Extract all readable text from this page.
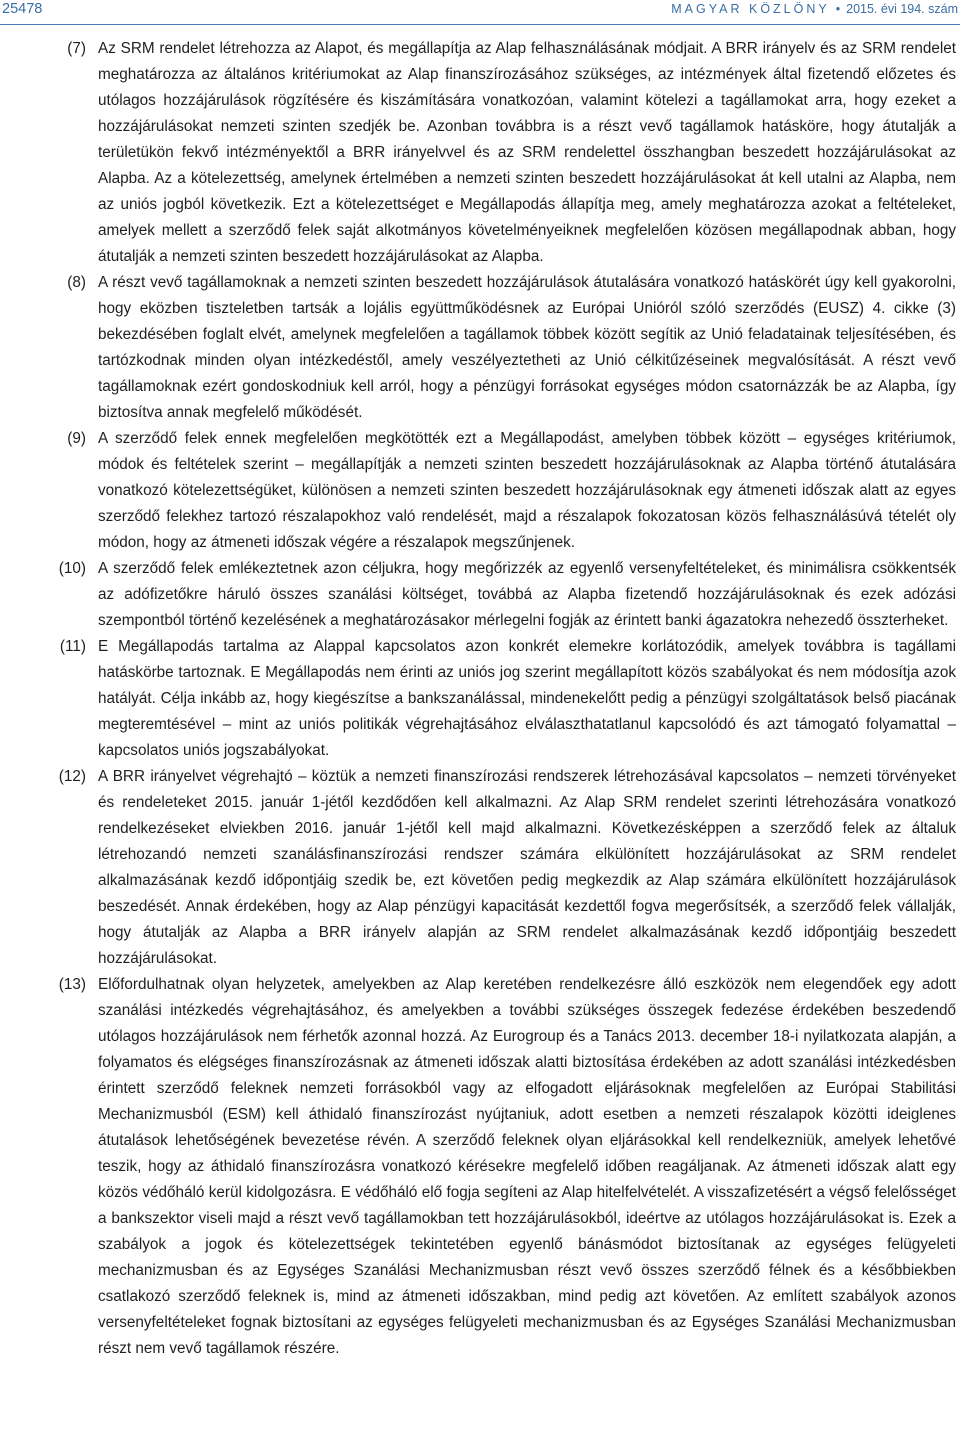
25478	MAGYAR KÖZLÖNY • 2015. évi 194. szám

(7) Az SRM rendelet létrehozza az Alapot, és megállapítja az Alap felhasználásának módjait. A BRR irányelv és az SRM rendelet meghatározza az általános kritériumokat az Alap finanszírozásához szükséges, az intézmények által fizetendő előzetes és utólagos hozzájárulások rögzítésére és kiszámítására vonatkozóan, valamint kötelezi a tagállamokat arra, hogy ezeket a hozzájárulásokat nemzeti szinten szedjék be. Azonban továbbra is a részt vevő tagállamok hatásköre, hogy átutalják a területükön fekvő intézményektől a BRR irányelvvel és az SRM rendelettel összhangban beszedett hozzájárulásokat az Alapba. Az a kötelezettség, amelynek értelmében a nemzeti szinten beszedett hozzájárulásokat át kell utalni az Alapba, nem az uniós jogból következik. Ezt a kötelezettséget e Megállapodás állapítja meg, amely meghatározza azokat a feltételeket, amelyek mellett a szerződő felek saját alkotmányos követelményeiknek megfelelően közösen megállapodnak abban, hogy átutalják a nemzeti szinten beszedett hozzájárulásokat az Alapba.

(8) A részt vevő tagállamoknak a nemzeti szinten beszedett hozzájárulások átutalására vonatkozó hatáskörét úgy kell gyakorolni, hogy eközben tiszteletben tartsák a lojális együttműködésnek az Európai Unióról szóló szerződés (EUSZ) 4. cikke (3) bekezdésében foglalt elvét, amelynek megfelelően a tagállamok többek között segítik az Unió feladatainak teljesítésében, és tartózkodnak minden olyan intézkedéstől, amely veszélyeztetheti az Unió célkitűzéseinek megvalósítását. A részt vevő tagállamoknak ezért gondoskodniuk kell arról, hogy a pénzügyi forrásokat egységes módon csatornázzák be az Alapba, így biztosítva annak megfelelő működését.

(9) A szerződő felek ennek megfelelően megkötötték ezt a Megállapodást, amelyben többek között – egységes kritériumok, módok és feltételek szerint – megállapítják a nemzeti szinten beszedett hozzájárulásoknak az Alapba történő átutalására vonatkozó kötelezettségüket, különösen a nemzeti szinten beszedett hozzájárulásoknak egy átmeneti időszak alatt az egyes szerződő felekhez tartozó részalapokhoz való rendelését, majd a részalapok fokozatosan közös felhasználásúvá tételét oly módon, hogy az átmeneti időszak végére a részalapok megszűnjenek.

(10) A szerződő felek emlékeztetnek azon céljukra, hogy megőrizzék az egyenlő versenyfeltételeket, és minimálisra csökkentsék az adófizetőkre háruló összes szanálási költséget, továbbá az Alapba fizetendő hozzájárulásoknak és ezek adózási szempontból történő kezelésének a meghatározásakor mérlegelni fogják az érintett banki ágazatokra nehezedő összterheket.

(11) E Megállapodás tartalma az Alappal kapcsolatos azon konkrét elemekre korlátozódik, amelyek továbbra is tagállami hatáskörbe tartoznak. E Megállapodás nem érinti az uniós jog szerint megállapított közös szabályokat és nem módosítja azok hatályát. Célja inkább az, hogy kiegészítse a bankszanálással, mindenekelőtt pedig a pénzügyi szolgáltatások belső piacának megteremtésével – mint az uniós politikák végrehajtásához elválaszthatatlanul kapcsolódó és azt támogató folyamattal – kapcsolatos uniós jogszabályokat.

(12) A BRR irányelvet végrehajtó – köztük a nemzeti finanszírozási rendszerek létrehozásával kapcsolatos – nemzeti törvényeket és rendeleteket 2015. január 1-jétől kezdődően kell alkalmazni. Az Alap SRM rendelet szerinti létrehozására vonatkozó rendelkezéseket elviekben 2016. január 1-jétől kell majd alkalmazni. Következésképpen a szerződő felek az általuk létrehozandó nemzeti szanálásfinanszírozási rendszer számára elkülönített hozzájárulásokat az SRM rendelet alkalmazásának kezdő időpontjáig szedik be, ezt követően pedig megkezdik az Alap számára elkülönített hozzájárulások beszedését. Annak érdekében, hogy az Alap pénzügyi kapacitását kezdettől fogva megerősítsék, a szerződő felek vállalják, hogy átutalják az Alapba a BRR irányelv alapján az SRM rendelet alkalmazásának kezdő időpontjáig beszedett hozzájárulásokat.

(13) Előfordulhatnak olyan helyzetek, amelyekben az Alap keretében rendelkezésre álló eszközök nem elegendőek egy adott szanálási intézkedés végrehajtásához, és amelyekben a további szükséges összegek fedezése érdekében beszedendő utólagos hozzájárulások nem férhetők azonnal hozzá. Az Eurogroup és a Tanács 2013. december 18-i nyilatkozata alapján, a folyamatos és elégséges finanszírozásnak az átmeneti időszak alatti biztosítása érdekében az adott szanálási intézkedésben érintett szerződő feleknek nemzeti forrásokból vagy az elfogadott eljárásoknak megfelelően az Európai Stabilitási Mechanizmusból (ESM) kell áthidaló finanszírozást nyújtaniuk, adott esetben a nemzeti részalapok közötti ideiglenes átutalások lehetőségének bevezetése révén. A szerződő feleknek olyan eljárásokkal kell rendelkezniük, amelyek lehetővé teszik, hogy az áthidaló finanszírozásra vonatkozó kérésekre megfelelő időben reagáljanak. Az átmeneti időszak alatt egy közös védőháló kerül kidolgozásra. E védőháló elő fogja segíteni az Alap hitelfelvételét. A visszafizetésért a végső felelősséget a bankszektor viseli majd a részt vevő tagállamokban tett hozzájárulásokból, ideértve az utólagos hozzájárulásokat is. Ezek a szabályok a jogok és kötelezettségek tekintetében egyenlő bánásmódot biztosítanak az egységes felügyeleti mechanizmusban és az Egységes Szanálási Mechanizmusban részt vevő összes szerződő félnek és a későbbiekben csatlakozó szerződő feleknek is, mind az átmeneti időszakban, mind pedig azt követően. Az említett szabályok azonos versenyfeltételeket fognak biztosítani az egységes felügyeleti mechanizmusban és az Egységes Szanálási Mechanizmusban részt nem vevő tagállamok részére.
